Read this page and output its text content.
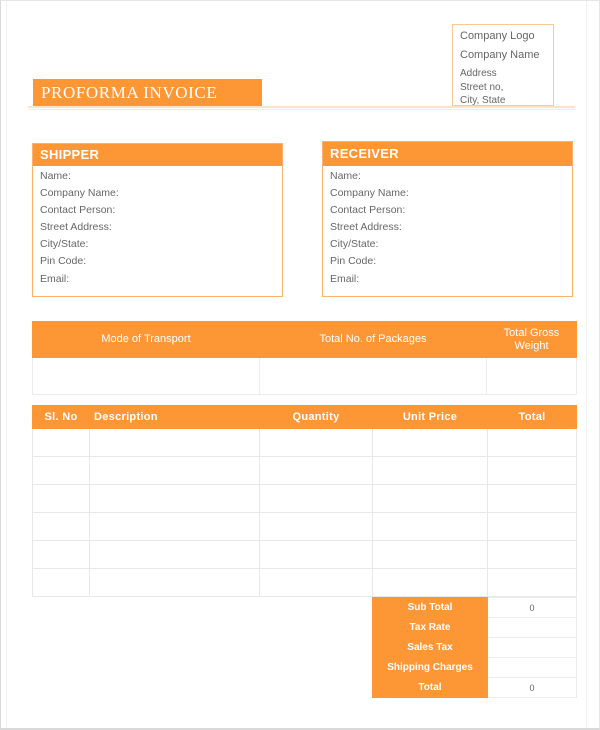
Company Logo
Company Name
Address
Street no,
City, State
PROFORMA INVOICE
SHIPPER
Name:
Company Name:
Contact Person:
Street Address:
City/State:
Pin Code:
Email:
RECEIVER
Name:
Company Name:
Contact Person:
Street Address:
City/State:
Pin Code:
Email:
Mode of Transport	Total No. of Packages	Total Gross Weight

Sl. No	Description	Quantity	Unit Price	Total

Sub Total	0
Tax Rate	
Sales Tax	
Shipping Charges	
Total	0
